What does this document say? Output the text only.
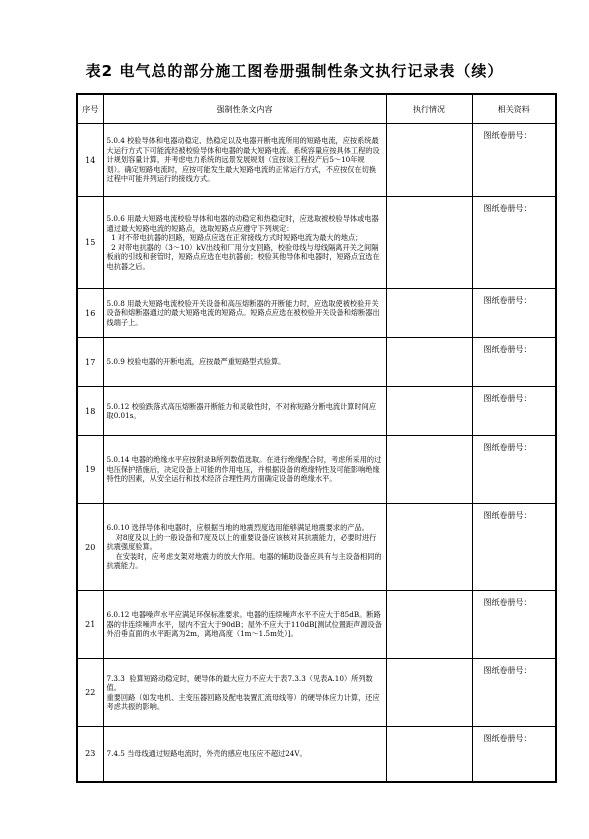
表2 电气总的部分施工图卷册强制性条文执行记录表（续）
序号	强制性条文内容	执行情况	相关资料
14	5.0.4 校验导体和电器动稳定、热稳定以及电器开断电流所用的短路电流，应按系统最大运行方式下可能流经被校验导体和电器的最大短路电流。系统容量应按具体工程的设计规划容量计算，并考虑电力系统的远景发展规划（宜按该工程投产后5～10年规划）。确定短路电流时，应按可能发生最大短路电流的正常运行方式，不应按仅在切换过程中可能并列运行的接线方式。		图纸卷册号：
15	5.0.6 用最大短路电流校验导体和电器的动稳定和热稳定时，应选取被校验导体或电器通过最大短路电流的短路点，选取短路点应遵守下列规定：
1 对不带电抗器的回路，短路点应选在正常接线方式时短路电流为最大的地点；
2 对带电抗器的（3～10）kV出线和厂用分支回路，校验母线与母线隔离开关之间隔板前的引线和套管时，短路点应选在电抗器前；校验其他导体和电器时，短路点宜选在电抗器之后。		图纸卷册号：
16	5.0.8 用最大短路电流校验开关设备和高压熔断器的开断能力时，应选取使被校验开关设备和熔断器通过的最大短路电流的短路点。短路点应选在被校验开关设备和熔断器出线端子上。		图纸卷册号：
17	5.0.9 校验电器的开断电流，应按最严重短路型式验算。		图纸卷册号：
18	5.0.12 校验跌落式高压熔断器开断能力和灵敏性时，不对称短路分断电流计算时间应取0.01s。		图纸卷册号：
19	5.0.14 电器的绝缘水平应按附录B所列数值选取。在进行绝缘配合时，考虑所采用的过电压保护措施后，决定设备上可能的作用电压，并根据设备的绝缘特性及可能影响绝缘特性的因素，从安全运行和技术经济合理性两方面确定设备的绝缘水平。		图纸卷册号：
20	6.0.10 选择导体和电器时，应根据当地的地震烈度选用能够满足地震要求的产品。
对8度及以上的一般设备和7度及以上的重要设备应该核对其抗震能力，必要时进行抗震强度验算。
在安装时，应考虑支架对地震力的放大作用。电器的辅助设备应具有与主设备相同的抗震能力。		图纸卷册号：
21	6.0.12 电器噪声水平应满足环保标准要求。电器的连续噪声水平不应大于85dB。断路器的非连续噪声水平，屋内不宜大于90dB；屋外不应大于110dB[测试位置距声源设备外沿垂直面的水平距离为2m，离地高度（1m～1.5m处）]。		图纸卷册号：
22	7.3.3  验算短路动稳定时，硬导体的最大应力不应大于表7.3.3（见表A.10）所列数值。
重要回路（如发电机、主变压器回路及配电装置汇流母线等）的硬导体应力计算，还应考虑共振的影响。		图纸卷册号：
23	7.4.5 当母线通过短路电流时，外壳的感应电压应不超过24V。		图纸卷册号：
